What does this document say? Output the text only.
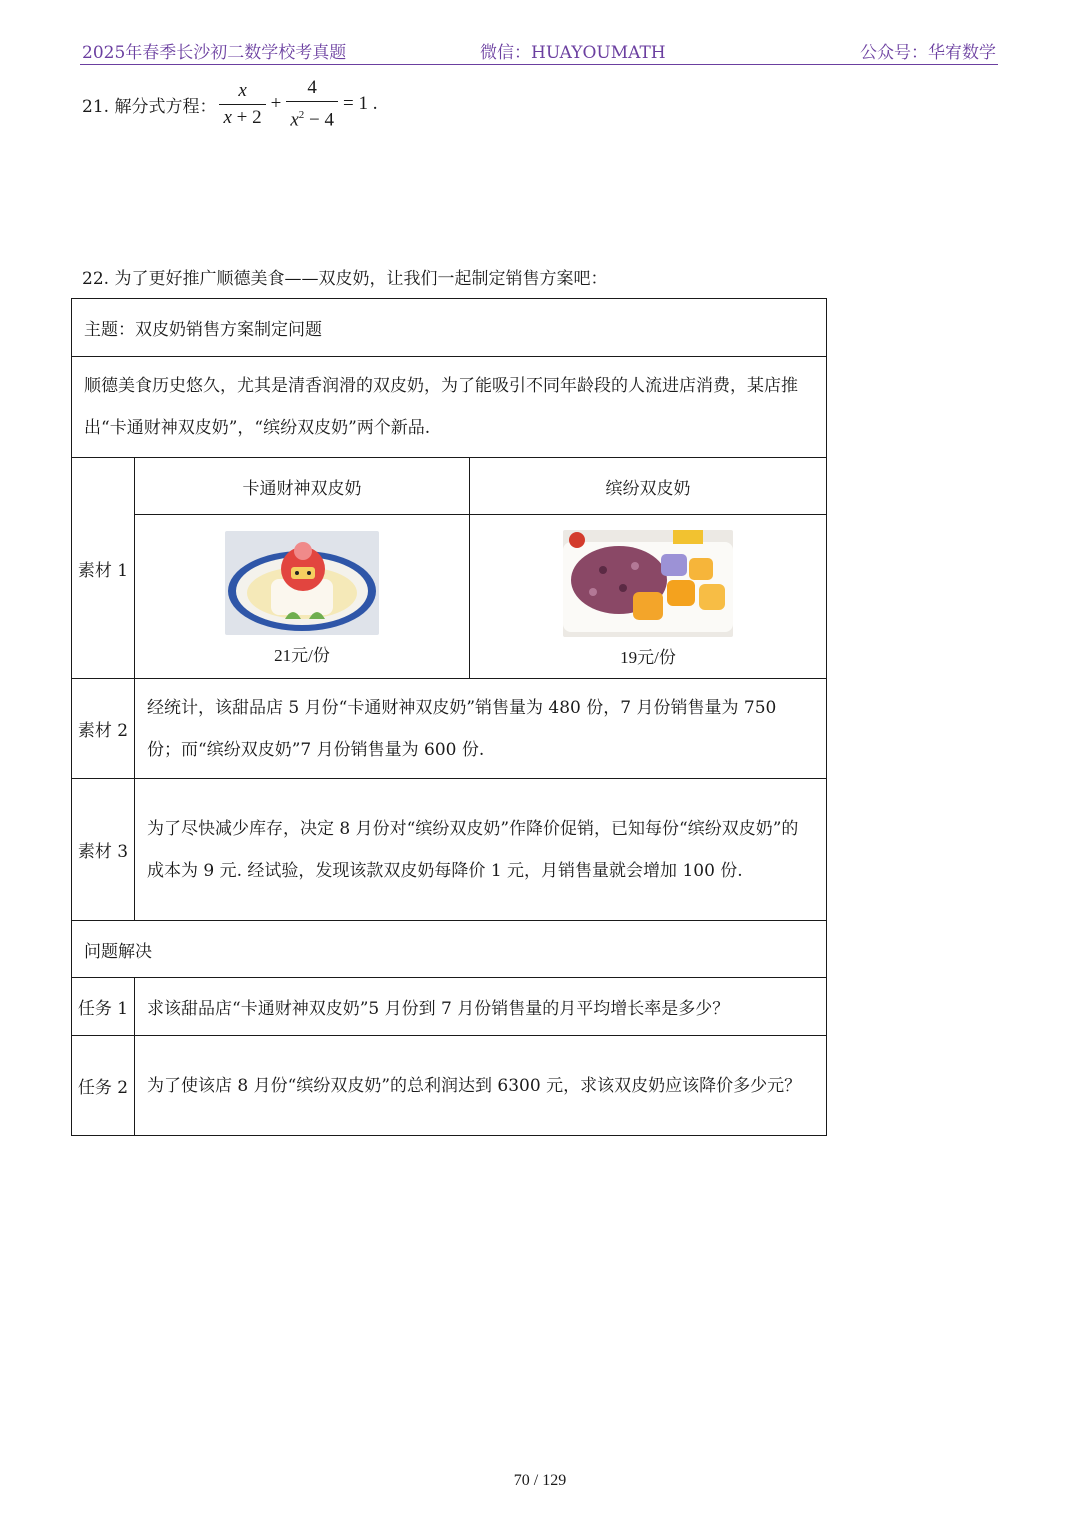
2025年春季长沙初二数学校考真题	微信：HUAYOUMATH	公众号：华宥数学
21. 解分式方程： $\frac{x}{x + 2} + \frac{4}{x^2 - 4} = 1$ .
22. 为了更好推广顺德美食——双皮奶，让我们一起制定销售方案吧：
主题：双皮奶销售方案制定问题		
顺德美食历史悠久，尤其是清香润滑的双皮奶，为了能吸引不同年龄段的人流进店消费，某店推出“卡通财神双皮奶”，“缤纷双皮奶”两个新品.		
素材 1	卡通财神双皮奶	缤纷双皮奶

	21元/份	19元/份

素材 2	经统计，该甜品店 5 月份“卡通财神双皮奶”销售量为 480 份，7 月份销售量为 750 份；而“缤纷双皮奶”7 月份销售量为 600 份.	
素材 3	为了尽快减少库存，决定 8 月份对“缤纷双皮奶”作降价促销，已知每份“缤纷双皮奶”的成本为 9 元. 经试验，发现该款双皮奶每降价 1 元，月销售量就会增加 100 份.	
问题解决		
任务 1	求该甜品店“卡通财神双皮奶”5 月份到 7 月份销售量的月平均增长率是多少？	
任务 2	为了使该店 8 月份“缤纷双皮奶”的总利润达到 6300 元，求该双皮奶应该降价多少元？	
70 / 129
